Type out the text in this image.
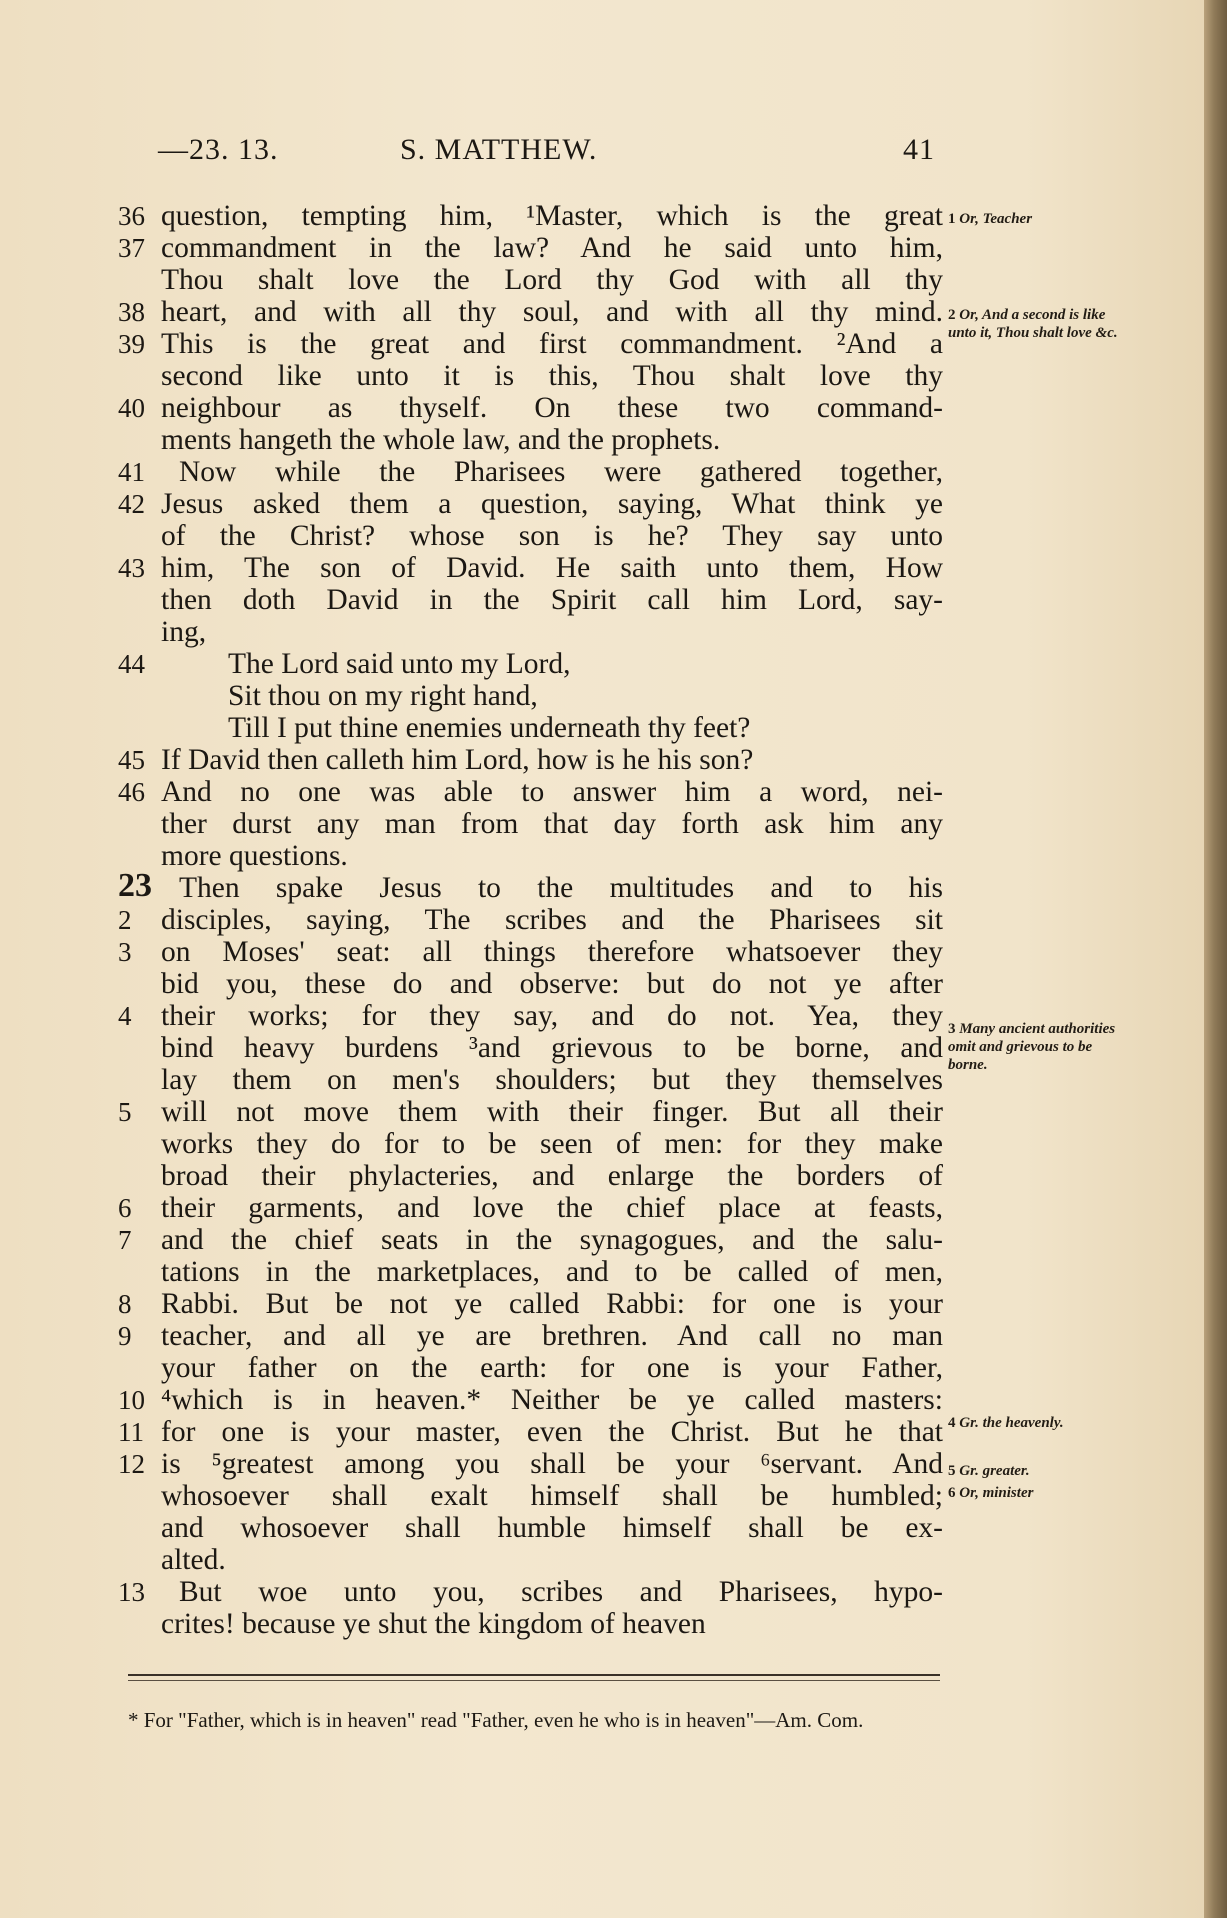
—23. 13.	S. MATTHEW.	41
36 question, tempting him, ¹Master, which is the great
37 commandment in the law? And he said unto him,
Thou shalt love the Lord thy God with all thy
38 heart, and with all thy soul, and with all thy mind.
39 This is the great and first commandment. ²And a
second like unto it is this, Thou shalt love thy
40 neighbour as thyself. On these two command-
ments hangeth the whole law, and the prophets.
41	Now while the Pharisees were gathered together,
42 Jesus asked them a question, saying, What think ye
of the Christ? whose son is he? They say unto
43 him, The son of David. He saith unto them, How
then doth David in the Spirit call him Lord, say-
ing,
44	The Lord said unto my Lord,
Sit thou on my right hand,
Till I put thine enemies underneath thy feet?
45 If David then calleth him Lord, how is he his son?
46 And no one was able to answer him a word, nei-
ther durst any man from that day forth ask him any
more questions.
23 Then spake Jesus to the multitudes and to his
2	disciples, saying, The scribes and the Pharisees sit
3	on Moses' seat: all things therefore whatsoever they
bid you, these do and observe: but do not ye after
4	their works; for they say, and do not. Yea, they
bind heavy burdens ³and grievous to be borne, and
lay them on men's shoulders; but they themselves
5	will not move them with their finger. But all their
works they do for to be seen of men: for they make
broad their phylacteries, and enlarge the borders of
6	their garments, and love the chief place at feasts,
7	and the chief seats in the synagogues, and the salu-
tations in the marketplaces, and to be called of men,
8	Rabbi. But be not ye called Rabbi: for one is your
9	teacher, and all ye are brethren. And call no man
your father on the earth: for one is your Father,
10 ⁴which is in heaven.* Neither be ye called masters:
11 for one is your master, even the Christ. But he that
12 is ⁵greatest among you shall be your ⁶servant. And
whosoever shall exalt himself shall be humbled;
and whosoever shall humble himself shall be ex-
alted.
13	But woe unto you, scribes and Pharisees, hypo-
crites! because ye shut the kingdom of heaven
1 Or, Teacher
2 Or, And a second is like unto it, Thou shalt love &c.
3 Many ancient authorities omit and grievous to be borne.
4 Gr. the heavenly.
5 Gr. greater.
6 Or, minister
* For "Father, which is in heaven" read "Father, even he who is in heaven"—Am. Com.
